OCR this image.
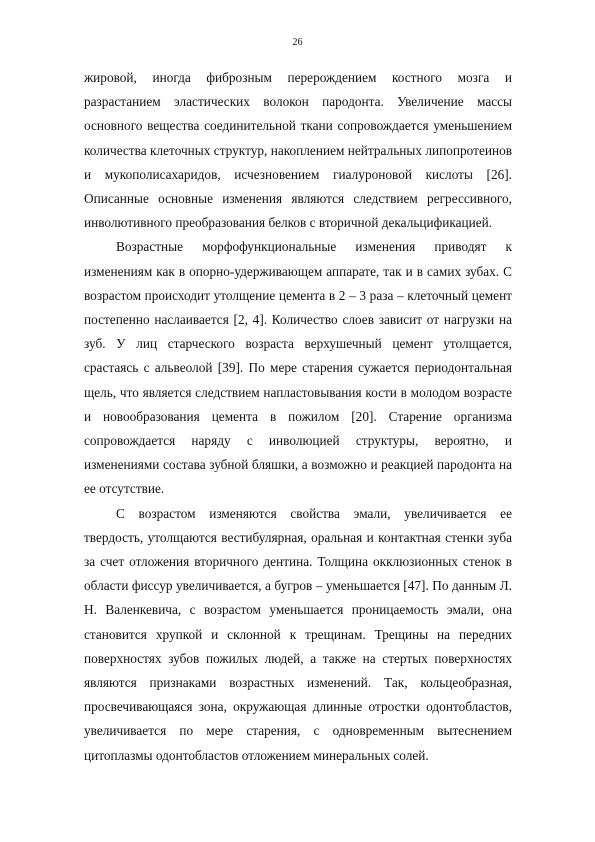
26

жировой, иногда фиброзным перерождением костного мозга и разрастанием эластических волокон пародонта. Увеличение массы основного вещества соединительной ткани сопровождается уменьшением количества клеточных структур, накоплением нейтральных липопротеинов и мукополисахаридов, исчезновением гиалуроновой кислоты [26]. Описанные основные изменения являются следствием регрессивного, инволютивного преобразования белков с вторичной декальцификацией.

Возрастные морфофункциональные изменения приводят к изменениям как в опорно-удерживающем аппарате, так и в самих зубах. С возрастом происходит утолщение цемента в 2 – 3 раза – клеточный цемент постепенно наслаивается [2, 4]. Количество слоев зависит от нагрузки на зуб. У лиц старческого возраста верхушечный цемент утолщается, срастаясь с альвеолой [39]. По мере старения сужается периодонтальная щель, что является следствием напластовывания кости в молодом возрасте и новообразования цемента в пожилом [20]. Старение организма сопровождается наряду с инволюцией структуры, вероятно, и изменениями состава зубной бляшки, а возможно и реакцией пародонта на ее отсутствие.

С возрастом изменяются свойства эмали, увеличивается ее твердость, утолщаются вестибулярная, оральная и контактная стенки зуба за счет отложения вторичного дентина. Толщина окклюзионных стенок в области фиссур увеличивается, а бугров – уменьшается [47]. По данным Л. Н. Валенкевича, с возрастом уменьшается проницаемость эмали, она становится хрупкой и склонной к трещинам. Трещины на передних поверхностях зубов пожилых людей, а также на стертых поверхностях являются признаками возрастных изменений. Так, кольцеобразная, просвечивающаяся зона, окружающая длинные отростки одонтобластов, увеличивается по мере старения, с одновременным вытеснением цитоплазмы одонтобластов отложением минеральных солей.
